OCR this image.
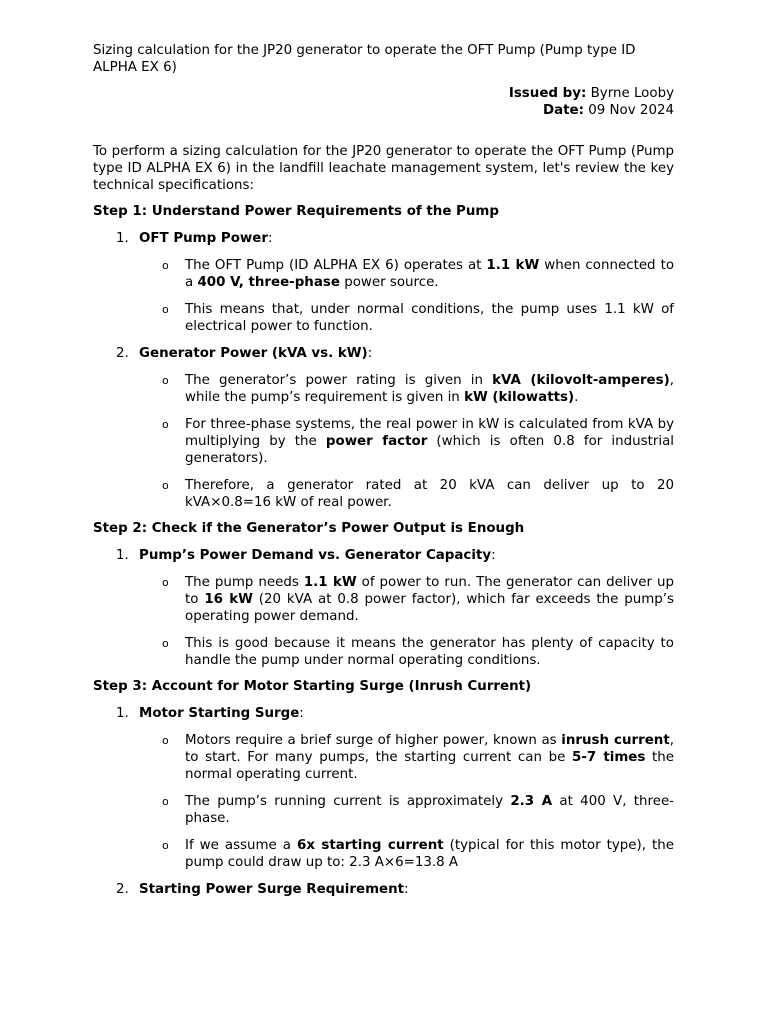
Sizing calculation for the JP20 generator to operate the OFT Pump (Pump type ID ALPHA EX 6)

Issued by: Byrne Looby

Date: 09 Nov 2024

To perform a sizing calculation for the JP20 generator to operate the OFT Pump (Pump type ID ALPHA EX 6) in the landfill leachate management system, let's review the key technical specifications:

Step 1: Understand Power Requirements of the Pump

1. OFT Pump Power:

o The OFT Pump (ID ALPHA EX 6) operates at 1.1 kW when connected to a 400 V, three-phase power source.
o This means that, under normal conditions, the pump uses 1.1 kW of electrical power to function.

2. Generator Power (kVA vs. kW):

o The generator’s power rating is given in kVA (kilovolt-amperes), while the pump’s requirement is given in kW (kilowatts).
o For three-phase systems, the real power in kW is calculated from kVA by multiplying by the power factor (which is often 0.8 for industrial generators).
o Therefore, a generator rated at 20 kVA can deliver up to 20 kVA×0.8=16 kW of real power.

Step 2: Check if the Generator’s Power Output is Enough

1. Pump’s Power Demand vs. Generator Capacity:

o The pump needs 1.1 kW of power to run. The generator can deliver up to 16 kW (20 kVA at 0.8 power factor), which far exceeds the pump’s operating power demand.
o This is good because it means the generator has plenty of capacity to handle the pump under normal operating conditions.

Step 3: Account for Motor Starting Surge (Inrush Current)

1. Motor Starting Surge:

o Motors require a brief surge of higher power, known as inrush current, to start. For many pumps, the starting current can be 5-7 times the normal operating current.
o The pump’s running current is approximately 2.3 A at 400 V, three-phase.
o If we assume a 6x starting current (typical for this motor type), the pump could draw up to: 2.3 A×6=13.8 A

2. Starting Power Surge Requirement:
